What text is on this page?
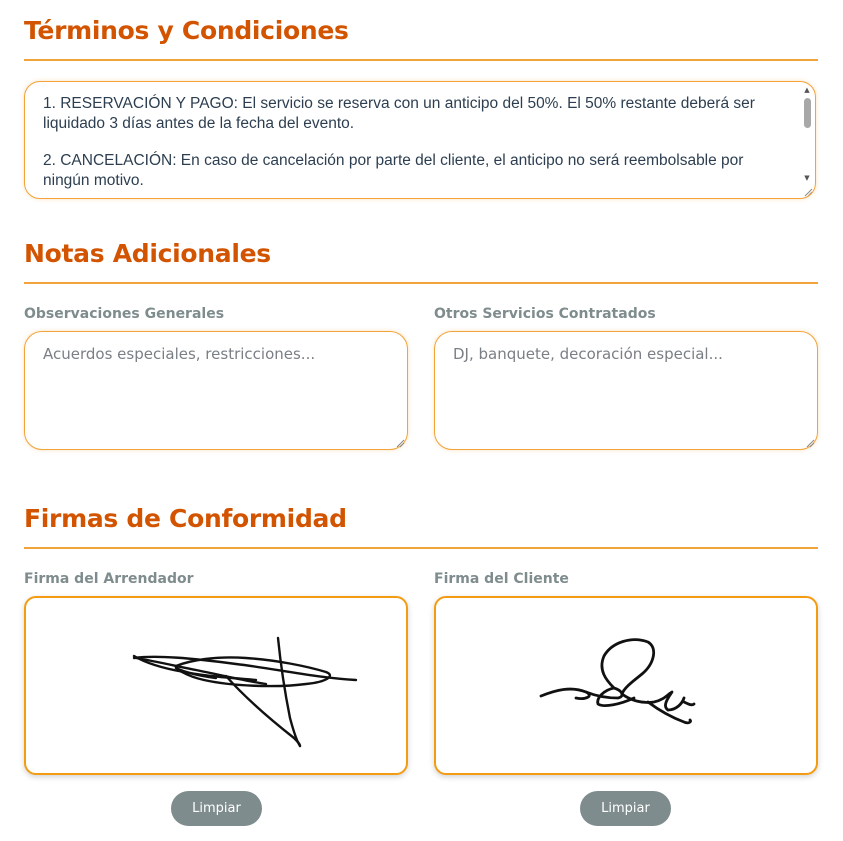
Términos y Condiciones

1. RESERVACIÓN Y PAGO: El servicio se reserva con un anticipo del 50%. El 50% restante deberá ser liquidado 3 días antes de la fecha del evento.

2. CANCELACIÓN: En caso de cancelación por parte del cliente, el anticipo no será reembolsable por ningún motivo.

▲
▼
Notas Adicionales

Observaciones Generales

Acuerdos especiales, restricciones...

Otros Servicios Contratados

DJ, banquete, decoración especial...
Firmas de Conformidad

Firma del Arrendador	Firma del Cliente

Limpiar	Limpiar
